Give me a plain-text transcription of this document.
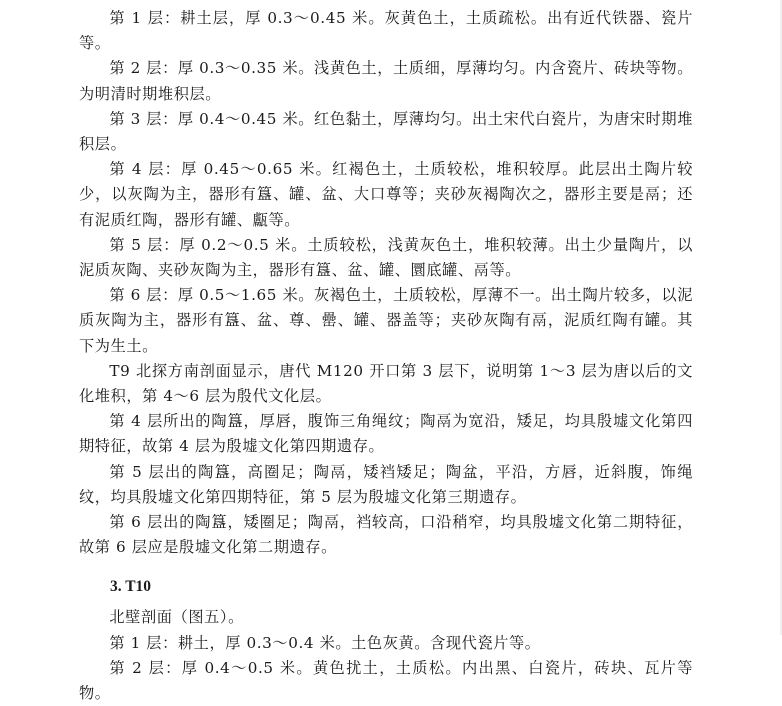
第 1 层：耕土层，厚 0.3～0.45 米。灰黄色土，土质疏松。出有近代铁器、瓷片等。

第 2 层：厚 0.3～0.35 米。浅黄色土，土质细，厚薄均匀。内含瓷片、砖块等物。为明清时期堆积层。

第 3 层：厚 0.4～0.45 米。红色黏土，厚薄均匀。出土宋代白瓷片，为唐宋时期堆积层。

第 4 层：厚 0.45～0.65 米。红褐色土，土质较松，堆积较厚。此层出土陶片较少，以灰陶为主，器形有簋、罐、盆、大口尊等；夹砂灰褐陶次之，器形主要是鬲；还有泥质红陶，器形有罐、甗等。

第 5 层：厚 0.2～0.5 米。土质较松，浅黄灰色土，堆积较薄。出土少量陶片，以泥质灰陶、夹砂灰陶为主，器形有簋、盆、罐、圜底罐、鬲等。

第 6 层：厚 0.5～1.65 米。灰褐色土，土质较松，厚薄不一。出土陶片较多，以泥质灰陶为主，器形有簋、盆、尊、罍、罐、器盖等；夹砂灰陶有鬲，泥质红陶有罐。其下为生土。

T9 北探方南剖面显示，唐代 M120 开口第 3 层下，说明第 1～3 层为唐以后的文化堆积，第 4～6 层为殷代文化层。

第 4 层所出的陶簋，厚唇，腹饰三角绳纹；陶鬲为宽沿，矮足，均具殷墟文化第四期特征，故第 4 层为殷墟文化第四期遗存。

第 5 层出的陶簋，高圈足；陶鬲，矮裆矮足；陶盆，平沿，方唇，近斜腹，饰绳纹，均具殷墟文化第四期特征，第 5 层为殷墟文化第三期遗存。

第 6 层出的陶簋，矮圈足；陶鬲，裆较高，口沿稍窄，均具殷墟文化第二期特征，故第 6 层应是殷墟文化第二期遗存。

3. T10

北壁剖面（图五）。

第 1 层：耕土，厚 0.3～0.4 米。土色灰黄。含现代瓷片等。

第 2 层：厚 0.4～0.5 米。黄色扰土，土质松。内出黑、白瓷片，砖块、瓦片等物。
